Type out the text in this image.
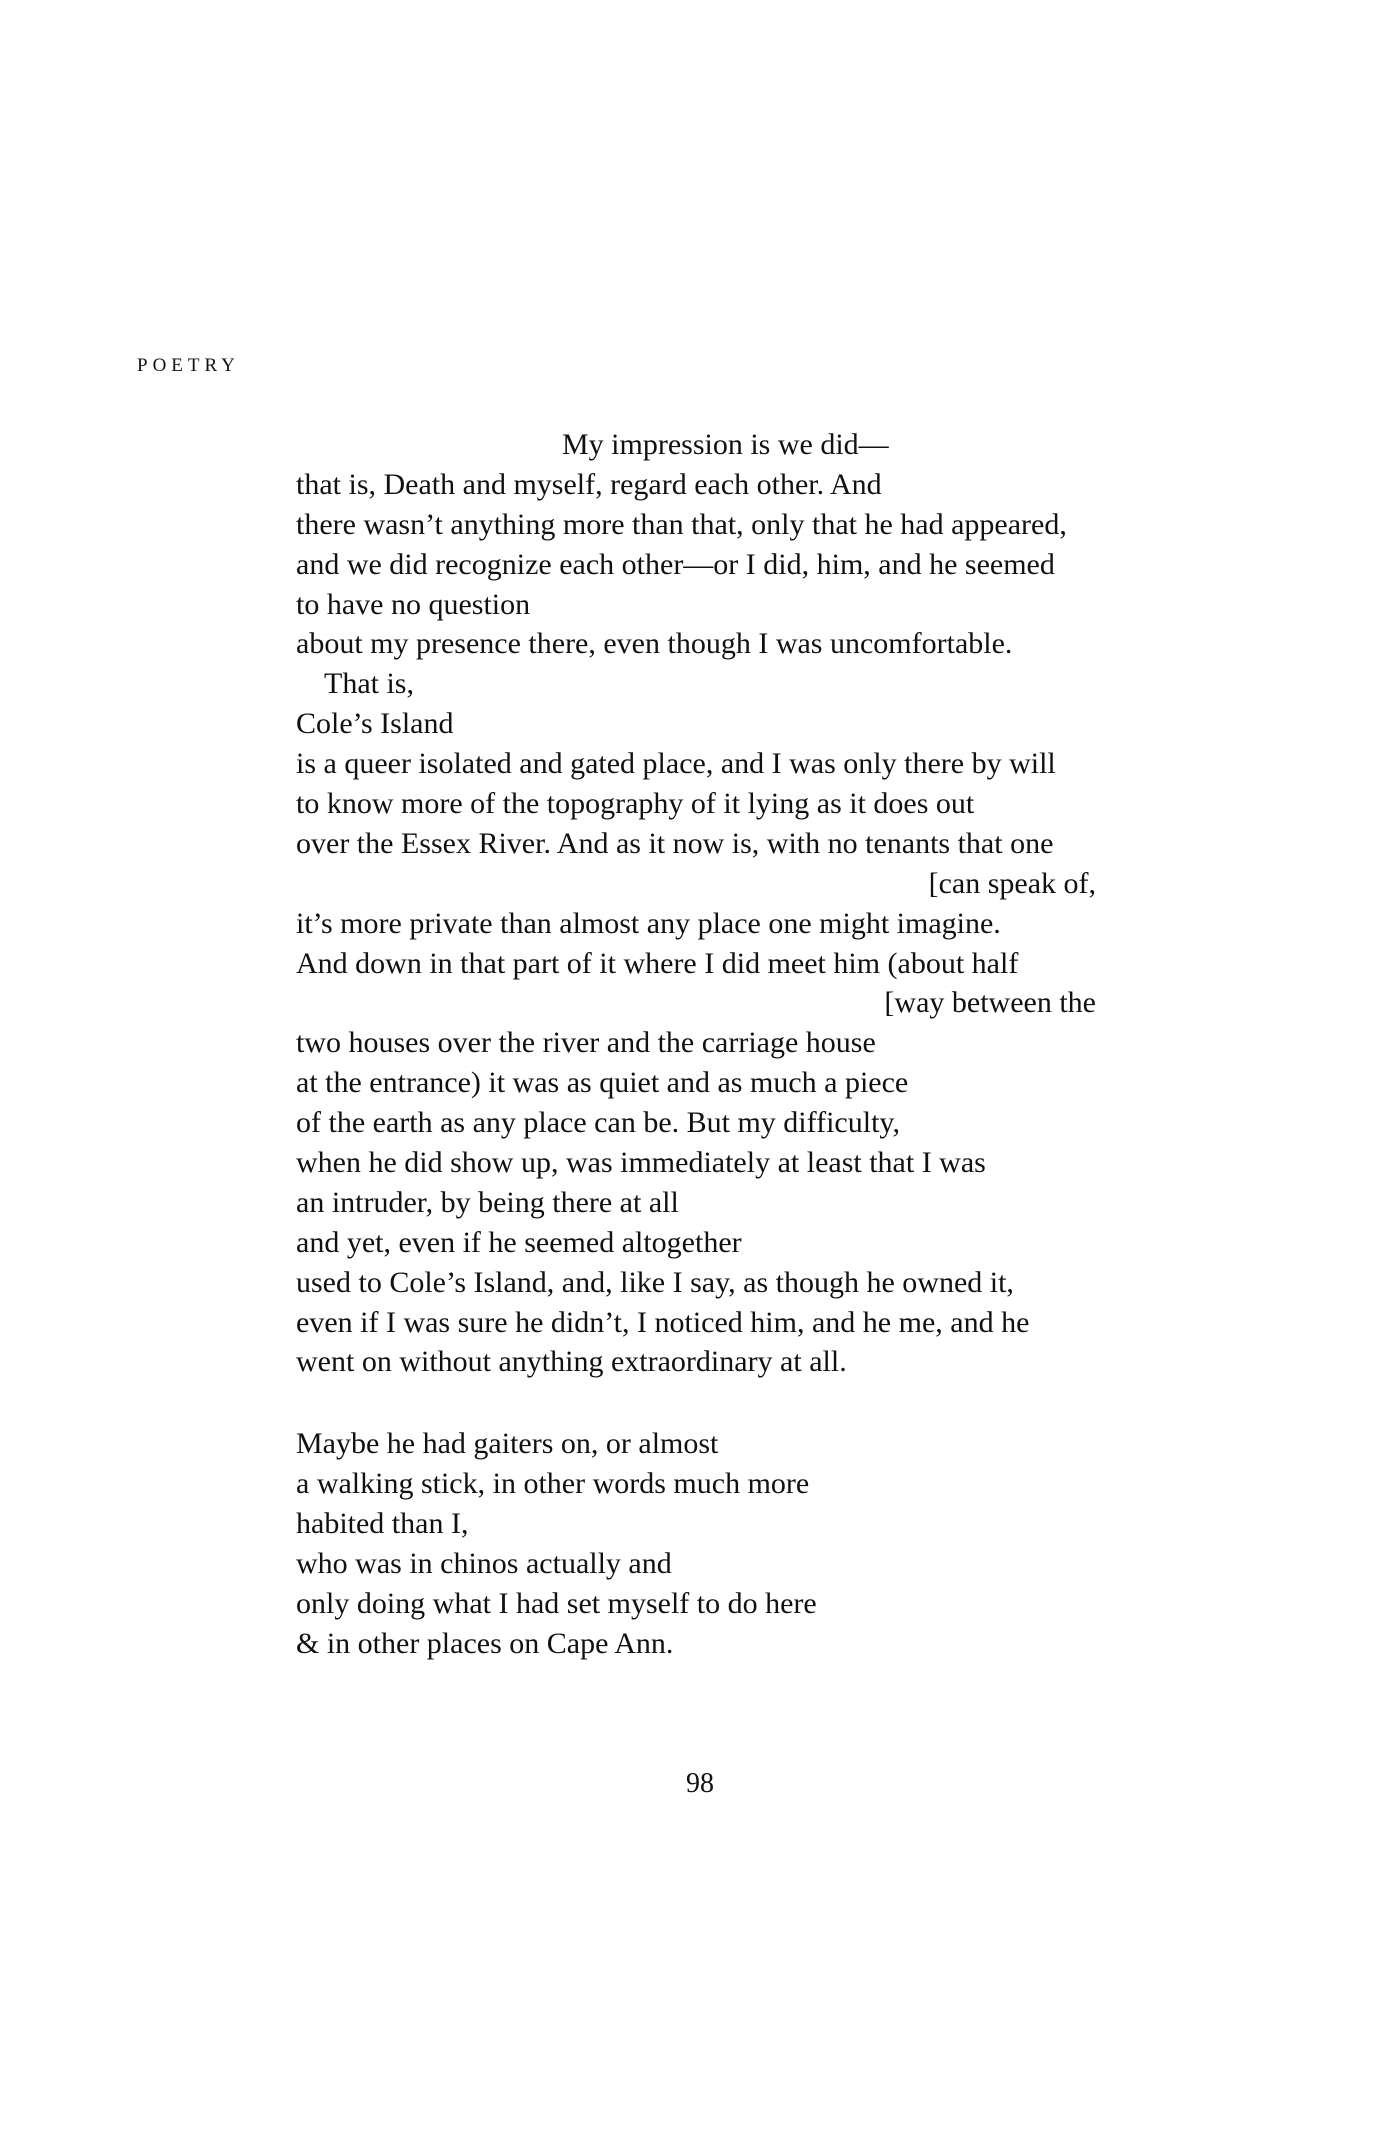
POETRY
My impression is we did—
that is, Death and myself, regard each other. And
there wasn’t anything more than that, only that he had appeared,
and we did recognize each other—or I did, him, and he seemed
to have no question
about my presence there, even though I was uncomfortable.
That is,
Cole’s Island
is a queer isolated and gated place, and I was only there by will
to know more of the topography of it lying as it does out
over the Essex River. And as it now is, with no tenants that one
[can speak of,
it’s more private than almost any place one might imagine.
And down in that part of it where I did meet him (about half
[way between the
two houses over the river and the carriage house
at the entrance) it was as quiet and as much a piece
of the earth as any place can be. But my difficulty,
when he did show up, was immediately at least that I was
an intruder, by being there at all
and yet, even if he seemed altogether
used to Cole’s Island, and, like I say, as though he owned it,
even if I was sure he didn’t, I noticed him, and he me, and he
went on without anything extraordinary at all.
Maybe he had gaiters on, or almost
a walking stick, in other words much more
habited than I,
who was in chinos actually and
only doing what I had set myself to do here
& in other places on Cape Ann.
98
